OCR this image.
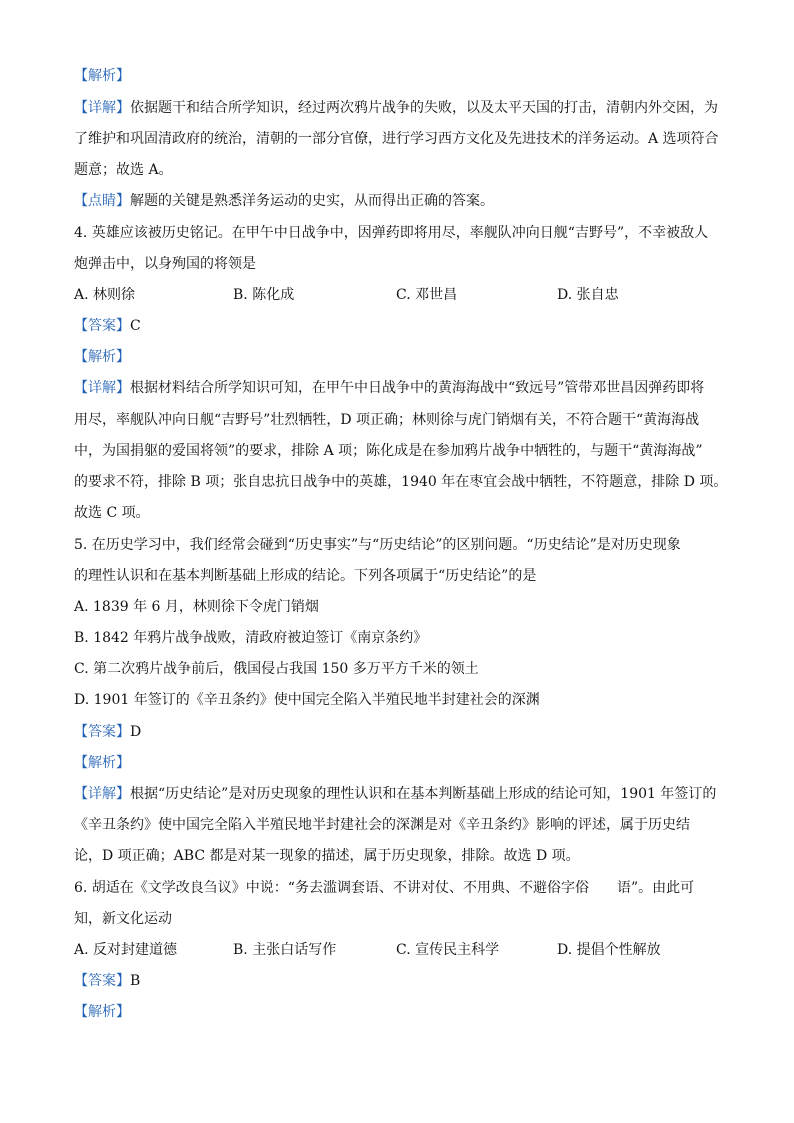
【解析】
【详解】依据题干和结合所学知识，经过两次鸦片战争的失败，以及太平天国的打击，清朝内外交困，为
了维护和巩固清政府的统治，清朝的一部分官僚，进行学习西方文化及先进技术的洋务运动。A 选项符合
题意；故选 A。
【点睛】解题的关键是熟悉洋务运动的史实，从而得出正确的答案。
4. 英雄应该被历史铭记。在甲午中日战争中，因弹药即将用尽，率舰队冲向日舰“吉野号”，不幸被敌人
炮弹击中，以身殉国的将领是
A. 林则徐	B. 陈化成	C. 邓世昌	D. 张自忠
【答案】C
【解析】
【详解】根据材料结合所学知识可知，在甲午中日战争中的黄海海战中“致远号”管带邓世昌因弹药即将
用尽，率舰队冲向日舰“吉野号”壮烈牺牲，D 项正确；林则徐与虎门销烟有关，不符合题干“黄海海战
中，为国捐躯的爱国将领”的要求，排除 A 项；陈化成是在参加鸦片战争中牺牲的，与题干“黄海海战”
的要求不符，排除 B 项；张自忠抗日战争中的英雄，1940 年在枣宜会战中牺牲，不符题意，排除 D 项。
故选 C 项。
5. 在历史学习中，我们经常会碰到“历史事实”与“历史结论”的区别问题。“历史结论”是对历史现象
的理性认识和在基本判断基础上形成的结论。下列各项属于“历史结论”的是
A. 1839 年 6 月，林则徐下令虎门销烟
B. 1842 年鸦片战争战败，清政府被迫签订《南京条约》
C. 第二次鸦片战争前后，俄国侵占我国 150 多万平方千米的领土
D. 1901 年签订的《辛丑条约》使中国完全陷入半殖民地半封建社会的深渊
【答案】D
【解析】
【详解】根据“历史结论”是对历史现象的理性认识和在基本判断基础上形成的结论可知，1901 年签订的
《辛丑条约》使中国完全陷入半殖民地半封建社会的深渊是对《辛丑条约》影响的评述，属于历史结
论，D 项正确；ABC 都是对某一现象的描述，属于历史现象，排除。故选 D 项。
6. 胡适在《文学改良刍议》中说：“务去滥调套语、不讲对仗、不用典、不避俗字俗　　语”。由此可
知，新文化运动
A. 反对封建道德	B. 主张白话写作	C. 宣传民主科学	D. 提倡个性解放
【答案】B
【解析】
